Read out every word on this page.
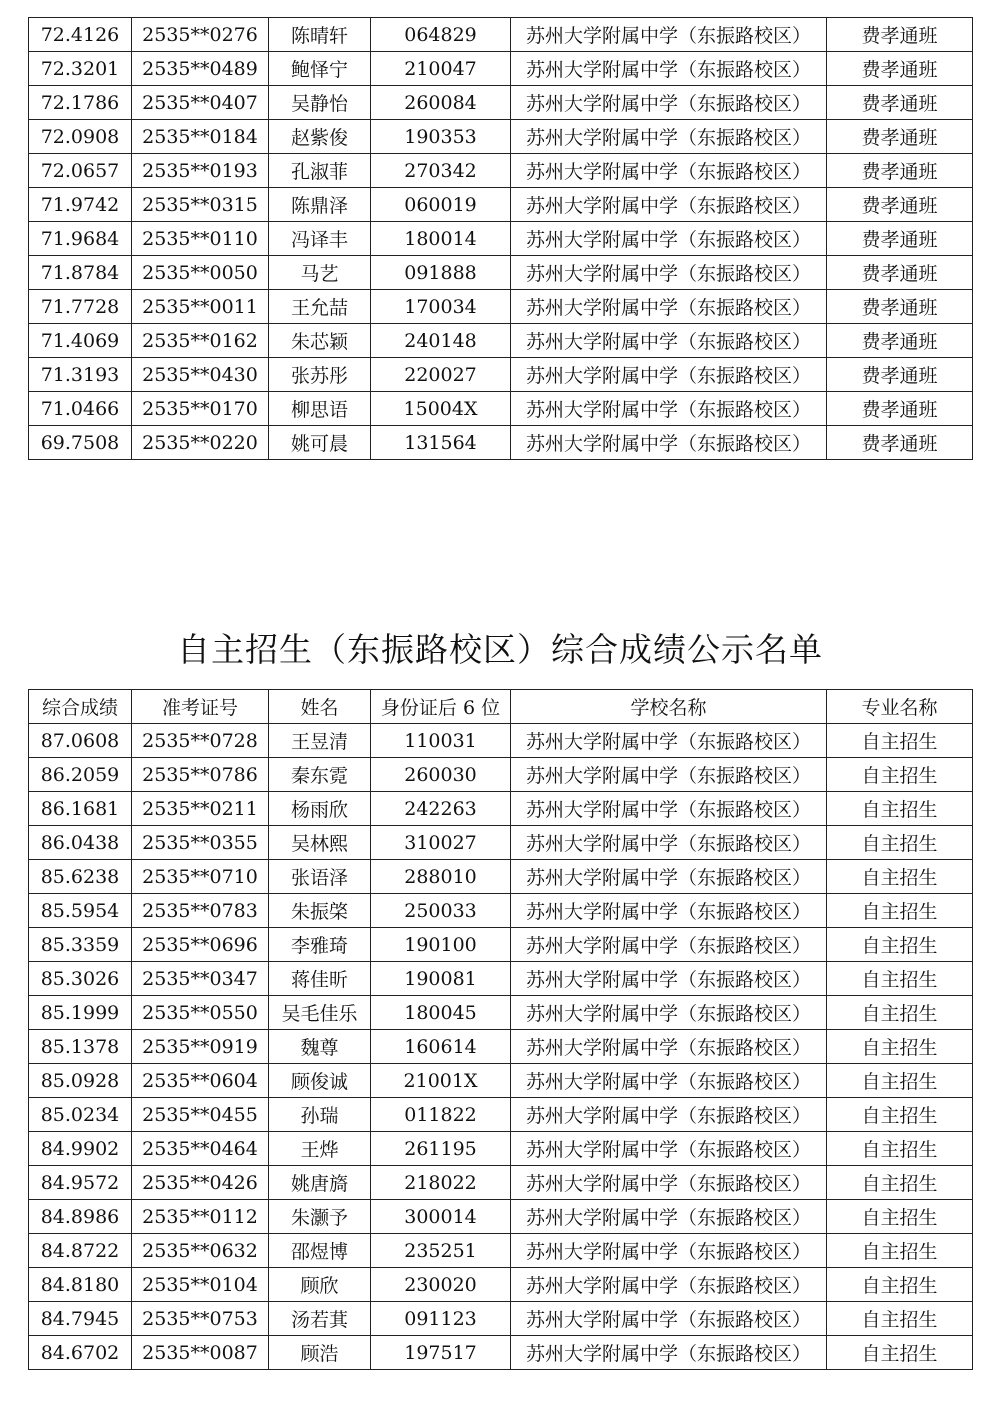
72.4126	2535**0276	陈晴轩	064829	苏州大学附属中学（东振路校区）	费孝通班
72.3201	2535**0489	鲍怿宁	210047	苏州大学附属中学（东振路校区）	费孝通班
72.1786	2535**0407	吴静怡	260084	苏州大学附属中学（东振路校区）	费孝通班
72.0908	2535**0184	赵紫俊	190353	苏州大学附属中学（东振路校区）	费孝通班
72.0657	2535**0193	孔淑菲	270342	苏州大学附属中学（东振路校区）	费孝通班
71.9742	2535**0315	陈鼎泽	060019	苏州大学附属中学（东振路校区）	费孝通班
71.9684	2535**0110	冯译丰	180014	苏州大学附属中学（东振路校区）	费孝通班
71.8784	2535**0050	马艺	091888	苏州大学附属中学（东振路校区）	费孝通班
71.7728	2535**0011	王允喆	170034	苏州大学附属中学（东振路校区）	费孝通班
71.4069	2535**0162	朱芯颖	240148	苏州大学附属中学（东振路校区）	费孝通班
71.3193	2535**0430	张苏彤	220027	苏州大学附属中学（东振路校区）	费孝通班
71.0466	2535**0170	柳思语	15004X	苏州大学附属中学（东振路校区）	费孝通班
69.7508	2535**0220	姚可晨	131564	苏州大学附属中学（东振路校区）	费孝通班
自主招生（东振路校区）综合成绩公示名单
综合成绩	准考证号	姓名	身份证后 6 位	学校名称	专业名称
87.0608	2535**0728	王昱清	110031	苏州大学附属中学（东振路校区）	自主招生
86.2059	2535**0786	秦东霓	260030	苏州大学附属中学（东振路校区）	自主招生
86.1681	2535**0211	杨雨欣	242263	苏州大学附属中学（东振路校区）	自主招生
86.0438	2535**0355	吴林熙	310027	苏州大学附属中学（东振路校区）	自主招生
85.6238	2535**0710	张语泽	288010	苏州大学附属中学（东振路校区）	自主招生
85.5954	2535**0783	朱振棨	250033	苏州大学附属中学（东振路校区）	自主招生
85.3359	2535**0696	李雅琦	190100	苏州大学附属中学（东振路校区）	自主招生
85.3026	2535**0347	蒋佳昕	190081	苏州大学附属中学（东振路校区）	自主招生
85.1999	2535**0550	吴毛佳乐	180045	苏州大学附属中学（东振路校区）	自主招生
85.1378	2535**0919	魏尊	160614	苏州大学附属中学（东振路校区）	自主招生
85.0928	2535**0604	顾俊诚	21001X	苏州大学附属中学（东振路校区）	自主招生
85.0234	2535**0455	孙瑞	011822	苏州大学附属中学（东振路校区）	自主招生
84.9902	2535**0464	王烨	261195	苏州大学附属中学（东振路校区）	自主招生
84.9572	2535**0426	姚唐旖	218022	苏州大学附属中学（东振路校区）	自主招生
84.8986	2535**0112	朱灏予	300014	苏州大学附属中学（东振路校区）	自主招生
84.8722	2535**0632	邵煜博	235251	苏州大学附属中学（东振路校区）	自主招生
84.8180	2535**0104	顾欣	230020	苏州大学附属中学（东振路校区）	自主招生
84.7945	2535**0753	汤若萁	091123	苏州大学附属中学（东振路校区）	自主招生
84.6702	2535**0087	顾浩	197517	苏州大学附属中学（东振路校区）	自主招生
